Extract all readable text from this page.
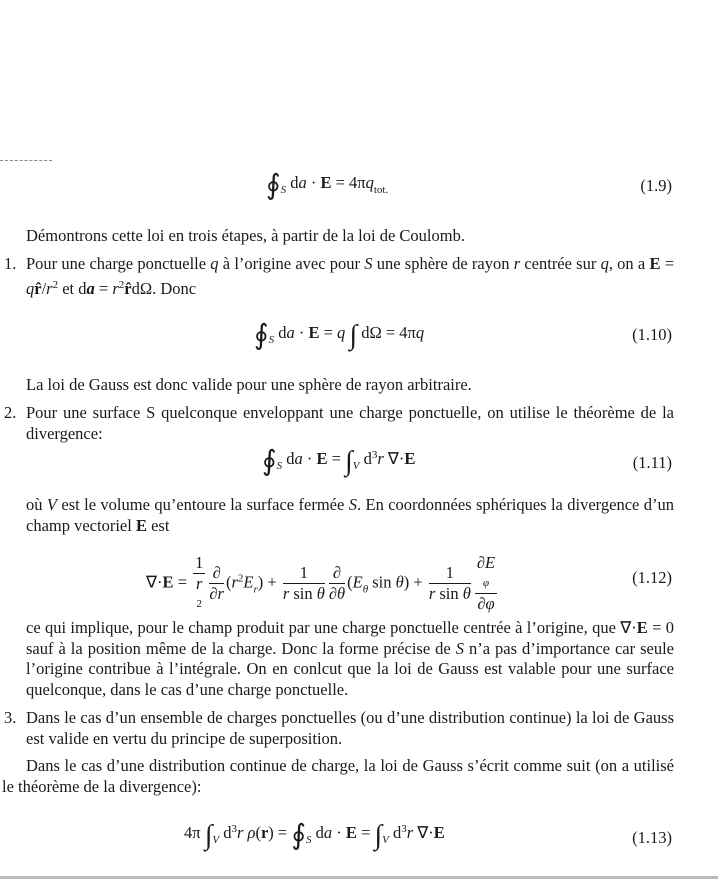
$∮_S$ da · $E = 4\pi q_{tot.}$	(1.9)
Démontrons cette loi en trois étapes, à partir de la loi de Coulomb.
1. Pour une charge ponctuelle q à l’origine avec pour S une sphère de rayon r centrée sur q, on a $E = qr̂/r^2$ et da = $r^2r̂d\Omega$. Donc
$∮_S$ da · E = q ∫ dΩ = 4πq	(1.10)
La loi de Gauss est donc valide pour une sphère de rayon arbitraire.
2. Pour une surface S quelconque enveloppant une charge ponctuelle, on utilise le théorème de la divergence:
$∮_S$ da · $E = \int_V$ $d^3r$ ∇·E	(1.11)
où V est le volume qu’entoure la surface fermée S. En coordonnées sphériques la divergence d’un champ vectoriel E est
∇·E = 1
r
$2 \frac{\partial}{\partial r} (r^2E_r) + \frac{1}{\text{r sin θ}} \frac{\partial}{\partial\theta} (E_\theta$ $\sin \theta) + \frac{1}{\text{r sin θ}} \partial E$
φ
∂φ	(1.12)
ce qui implique, pour le champ produit par une charge ponctuelle centrée à l’origine, que ∇·E = 0 sauf à la position même de la charge. Donc la forme précise de S n’a pas d’importance car seule l’origine contribue à l’intégrale. On en conlcut que la loi de Gauss est valable pour une surface quelconque, dans le cas d’une charge ponctuelle.
3. Dans le cas d’un ensemble de charges ponctuelles (ou d’une distribution continue) la loi de Gauss est valide en vertu du principe de superposition.
Dans le cas d’une distribution continue de charge, la loi de Gauss s’écrit comme suit (on a utilisé le théorème de la divergence):
4π $\int_V$ $d^3r$ $\rho(r) = ∮_S$ da · $E = \int_V$ $d^3r$ ∇·E	(1.13)
